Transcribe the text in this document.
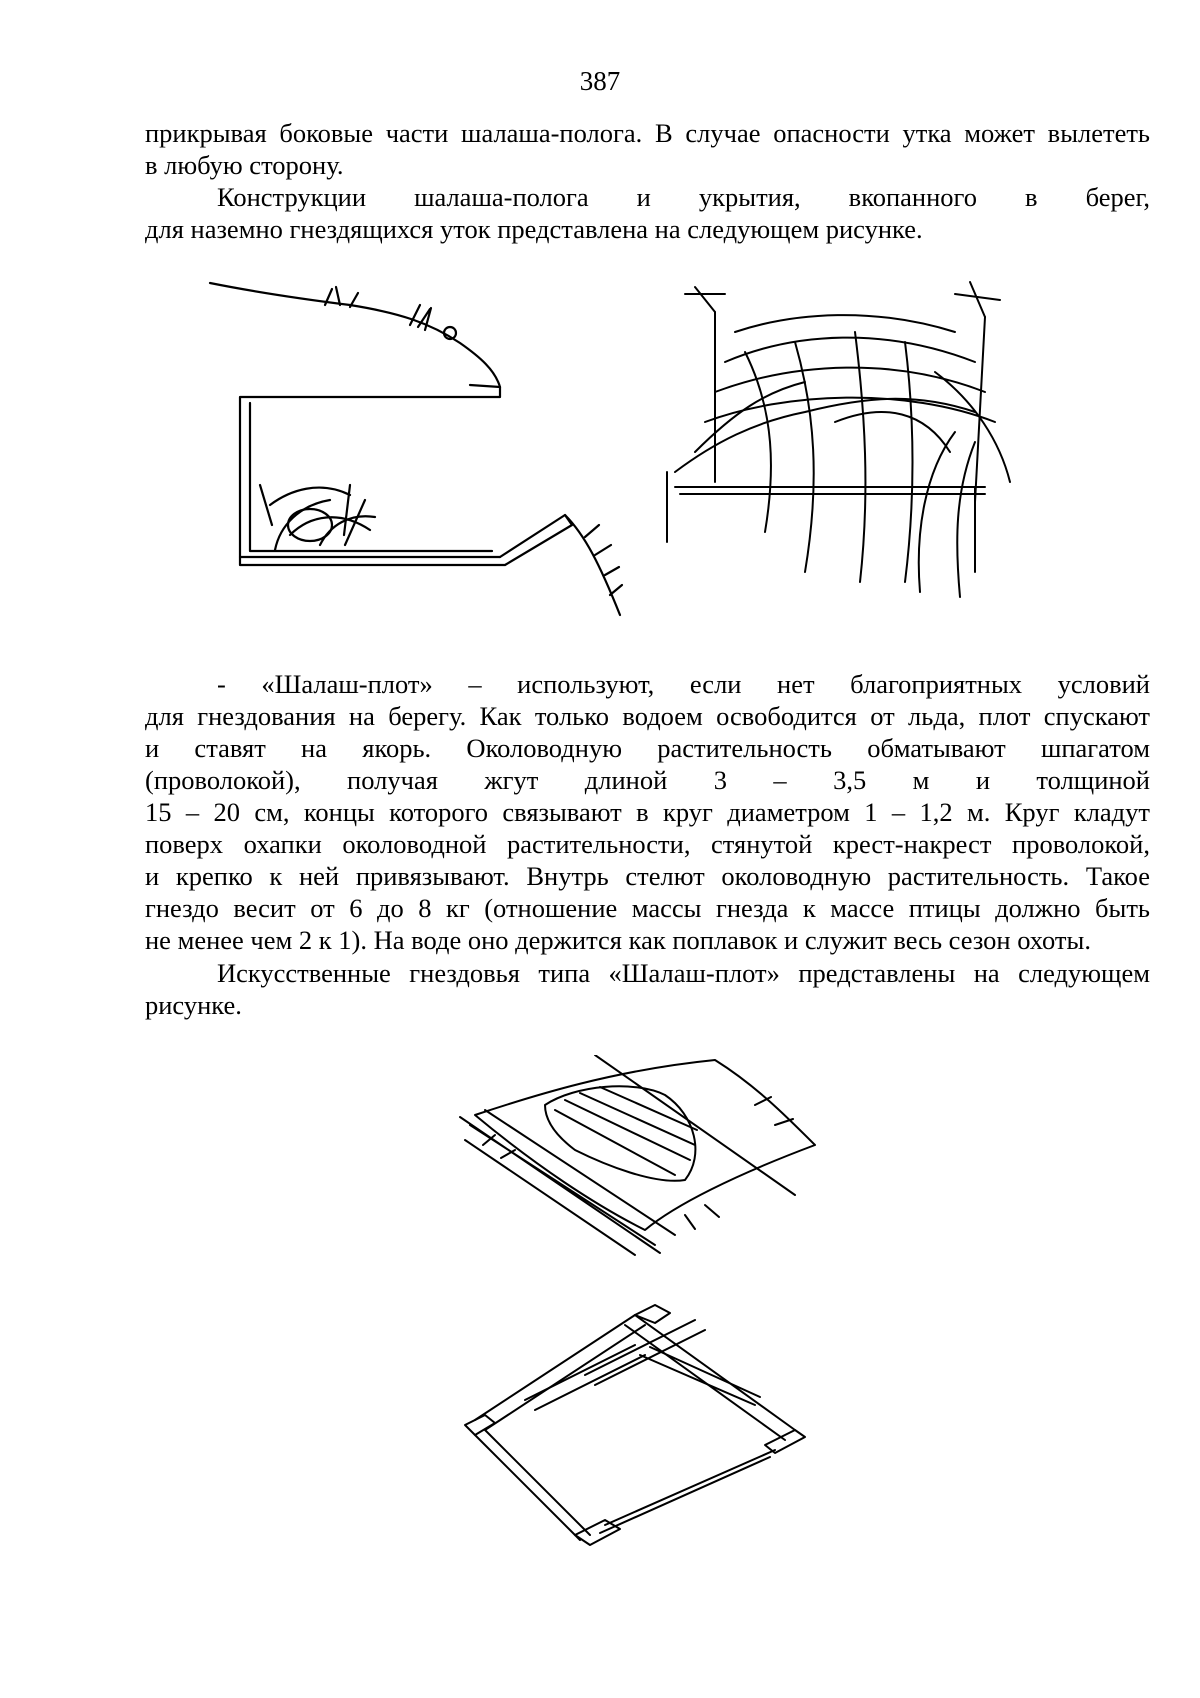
387
прикрывая боковые части шалаша-полога. В случае опасности утка может вылететь
в любую сторону.
Конструкции шалаша-полога и укрытия, вкопанного в берег,
для наземно гнездящихся уток представлена на следующем рисунке.
- «Шалаш-плот» – используют, если нет благоприятных условий
для гнездования на берегу. Как только водоем освободится от льда, плот спускают
и ставят на якорь. Околоводную растительность обматывают шпагатом
(проволокой), получая жгут длиной 3 – 3,5 м и толщиной
15 – 20 см, концы которого связывают в круг диаметром 1 – 1,2 м. Круг кладут
поверх охапки околоводной растительности, стянутой крест-накрест проволокой,
и крепко к ней привязывают. Внутрь стелют околоводную растительность. Такое
гнездо весит от 6 до 8 кг (отношение массы гнезда к массе птицы должно быть
не менее чем 2 к 1). На воде оно держится как поплавок и служит весь сезон охоты.
Искусственные гнездовья типа «Шалаш-плот» представлены на следующем
рисунке.
